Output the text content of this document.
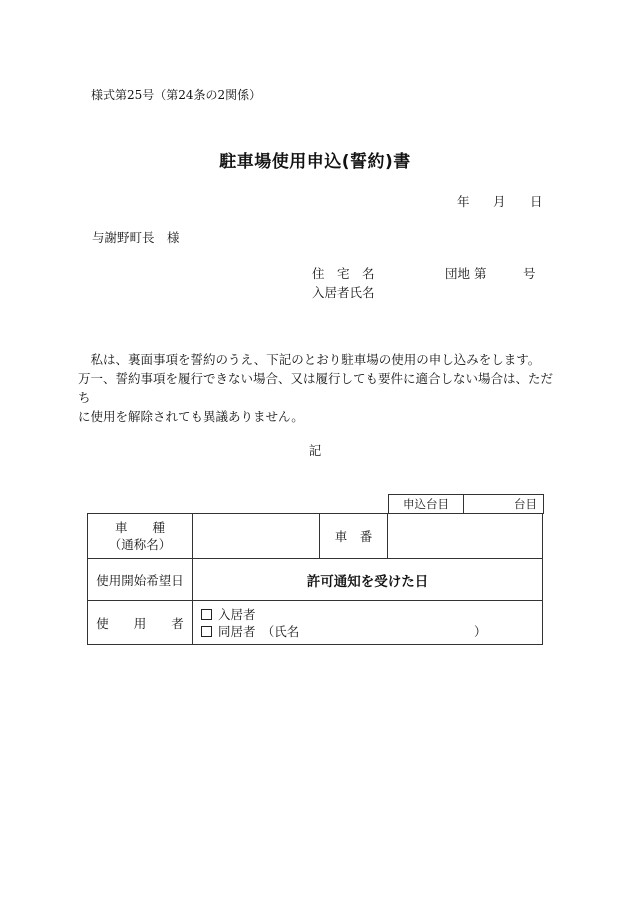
様式第25号（第24条の2関係）
駐車場使用申込(誓約)書
年 月 日
与謝野町長　様
住　宅　名	団地 第	号
入居者氏名

　私は、裏面事項を誓約のうえ、下記のとおり駐車場の使用の申し込みをします。

万一、誓約事項を履行できない場合、又は履行しても要件に適合しない場合は、ただち

に使用を解除されても異議ありません。

記
申込台目	台目
車　　種
（通称名）		車　番	
使用開始希望日	許可通知を受けた日		
使　　用　　者	入居者
同居者　（氏名 ）		
